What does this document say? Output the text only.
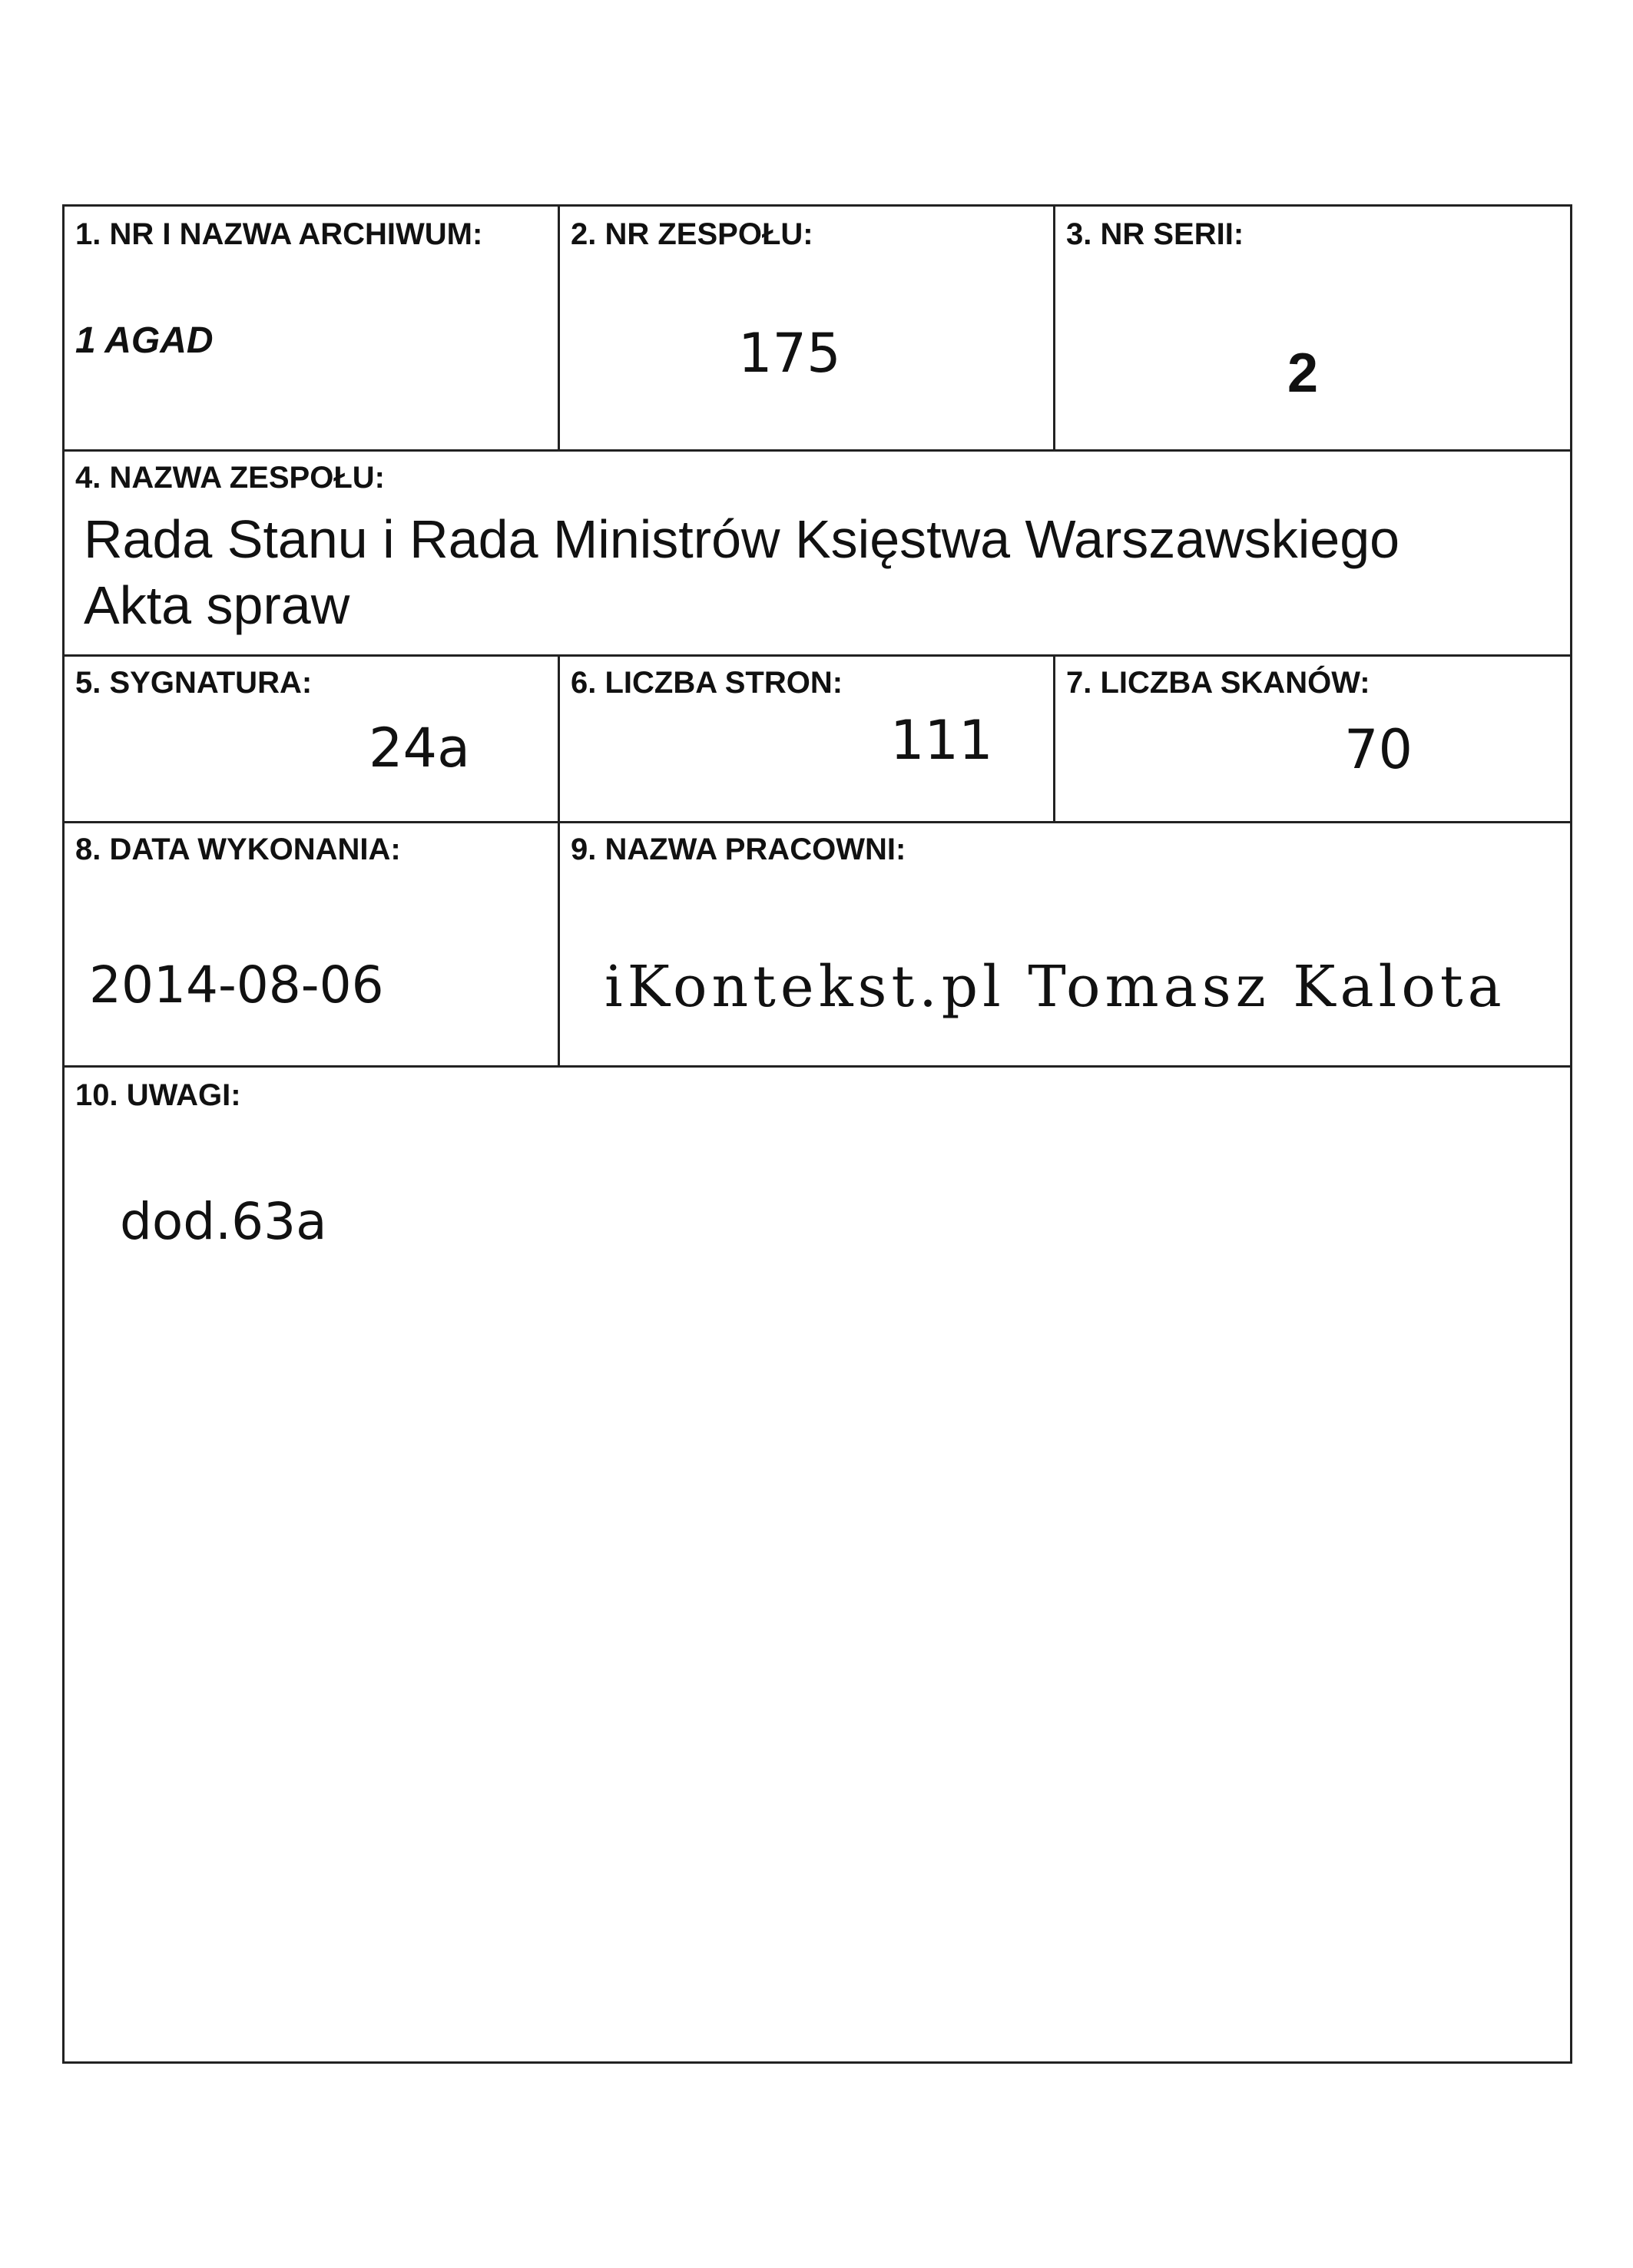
1. NR I NAZWA ARCHIWUM:
1 AGAD
2. NR ZESPOŁU:
175
3. NR SERII:
2
4. NAZWA ZESPOŁU:
Rada Stanu i Rada Ministrów Księstwa Warszawskiego
Akta spraw
5. SYGNATURA:
24a
6. LICZBA STRON:
111
7. LICZBA SKANÓW:
70
8. DATA WYKONANIA:
2014-08-06
9. NAZWA PRACOWNI:
iKontekst.pl Tomasz Kalota
10. UWAGI:
dod.63a
